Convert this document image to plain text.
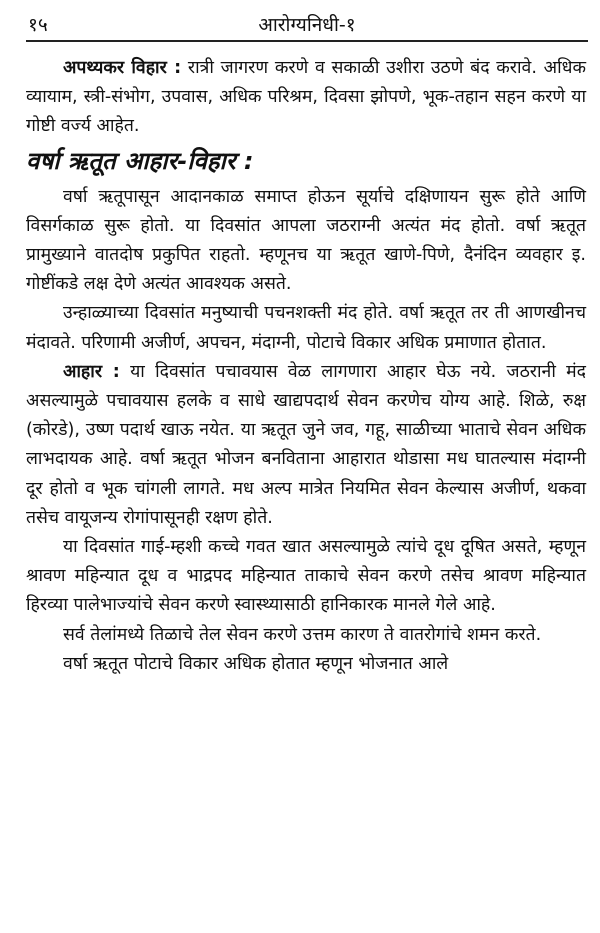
१५	आरोग्यनिधी-१

अपथ्यकर विहार : रात्री जागरण करणे व सकाळी उशीरा उठणे बंद करावे. अधिक व्यायाम, स्त्री-संभोग, उपवास, अधिक परिश्रम, दिवसा झोपणे, भूक-तहान सहन करणे या गोष्टी वर्ज्य आहेत.

वर्षा ऋतूत आहार-विहार :

वर्षा ऋतूपासून आदानकाळ समाप्त होऊन सूर्याचे दक्षिणायन सुरू होते आणि विसर्गकाळ सुरू होतो. या दिवसांत आपला जठराग्नी अत्यंत मंद होतो. वर्षा ऋतूत प्रामुख्याने वातदोष प्रकुपित राहतो. म्हणूनच या ऋतूत खाणे-पिणे, दैनंदिन व्यवहार इ. गोष्टींकडे लक्ष देणे अत्यंत आवश्यक असते.

उन्हाळ्याच्या दिवसांत मनुष्याची पचनशक्ती मंद होते. वर्षा ऋतूत तर ती आणखीनच मंदावते. परिणामी अजीर्ण, अपचन, मंदाग्नी, पोटाचे विकार अधिक प्रमाणात होतात.

आहार : या दिवसांत पचावयास वेळ लागणारा आहार घेऊ नये. जठरानी मंद असल्यामुळे पचावयास हलके व साधे खाद्यपदार्थ सेवन करणेच योग्य आहे. शिळे, रुक्ष (कोरडे), उष्ण पदार्थ खाऊ नयेत. या ऋतूत जुने जव, गहू, साळीच्या भाताचे सेवन अधिक लाभदायक आहे. वर्षा ऋतूत भोजन बनविताना आहारात थोडासा मध घातल्यास मंदाग्नी दूर होतो व भूक चांगली लागते. मध अल्प मात्रेत नियमित सेवन केल्यास अजीर्ण, थकवा तसेच वायूजन्य रोगांपासूनही रक्षण होते.

या दिवसांत गाई-म्हशी कच्चे गवत खात असल्यामुळे त्यांचे दूध दूषित असते, म्हणून श्रावण महिन्यात दूध व भाद्रपद महिन्यात ताकाचे सेवन करणे तसेच श्रावण महिन्यात हिरव्या पालेभाज्यांचे सेवन करणे स्वास्थ्यासाठी हानिकारक मानले गेले आहे.

सर्व तेलांमध्ये तिळाचे तेल सेवन करणे उत्तम कारण ते वातरोगांचे शमन करते.

वर्षा ऋतूत पोटाचे विकार अधिक होतात म्हणून भोजनात आले
